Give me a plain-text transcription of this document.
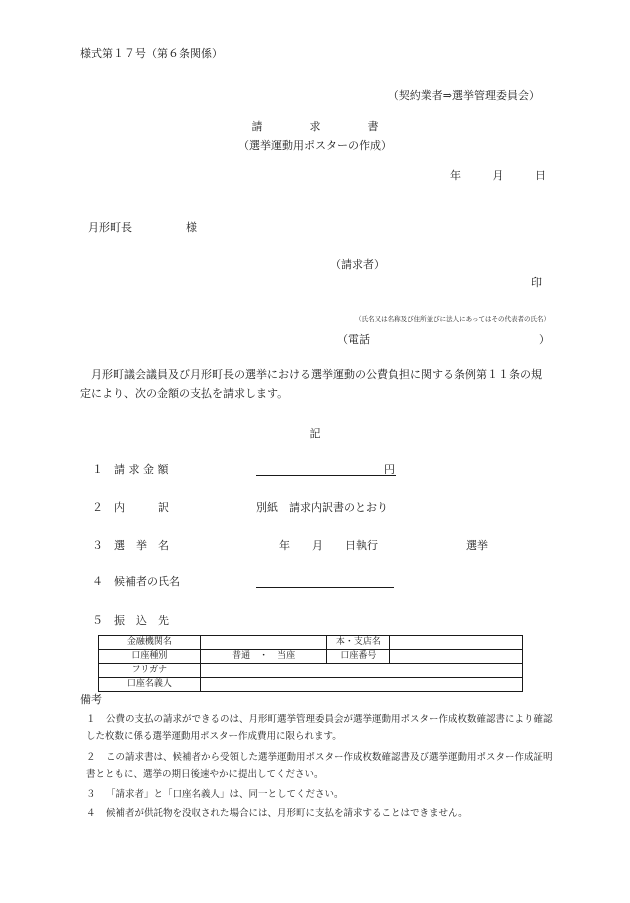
様式第１７号（第６条関係）
（契約業者⇒選挙管理委員会）
請　求　書
（選挙運動用ポスターの作成）
年	月	日
月形町長	様
（請求者）
印
（氏名又は名称及び住所並びに法人にあってはその代表者の氏名）
（電話	）
月形町議会議員及び月形町長の選挙における選挙運動の公費負担に関する条例第１１条の規定により、次の金額の支払を請求します。
記
１　請 求 金 額	円
２　内　　　訳	別紙　請求内訳書のとおり
３　選　挙　名	年 月 日執行	選挙
４　候補者の氏名
５　振　込　先
金融機関名		本・支店名	
口座種別	普通　・　当座	口座番号	
フリガナ			
口座名義人			
備考
１ 公費の支払の請求ができるのは、月形町選挙管理委員会が選挙運動用ポスター作成枚数確認書により確認した枚数に係る選挙運動用ポスター作成費用に限られます。
２ この請求書は、候補者から受領した選挙運動用ポスター作成枚数確認書及び選挙運動用ポスター作成証明書とともに、選挙の期日後速やかに提出してください。
３ 「請求者」と「口座名義人」は、同一としてください。
４ 候補者が供託物を没収された場合には、月形町に支払を請求することはできません。
